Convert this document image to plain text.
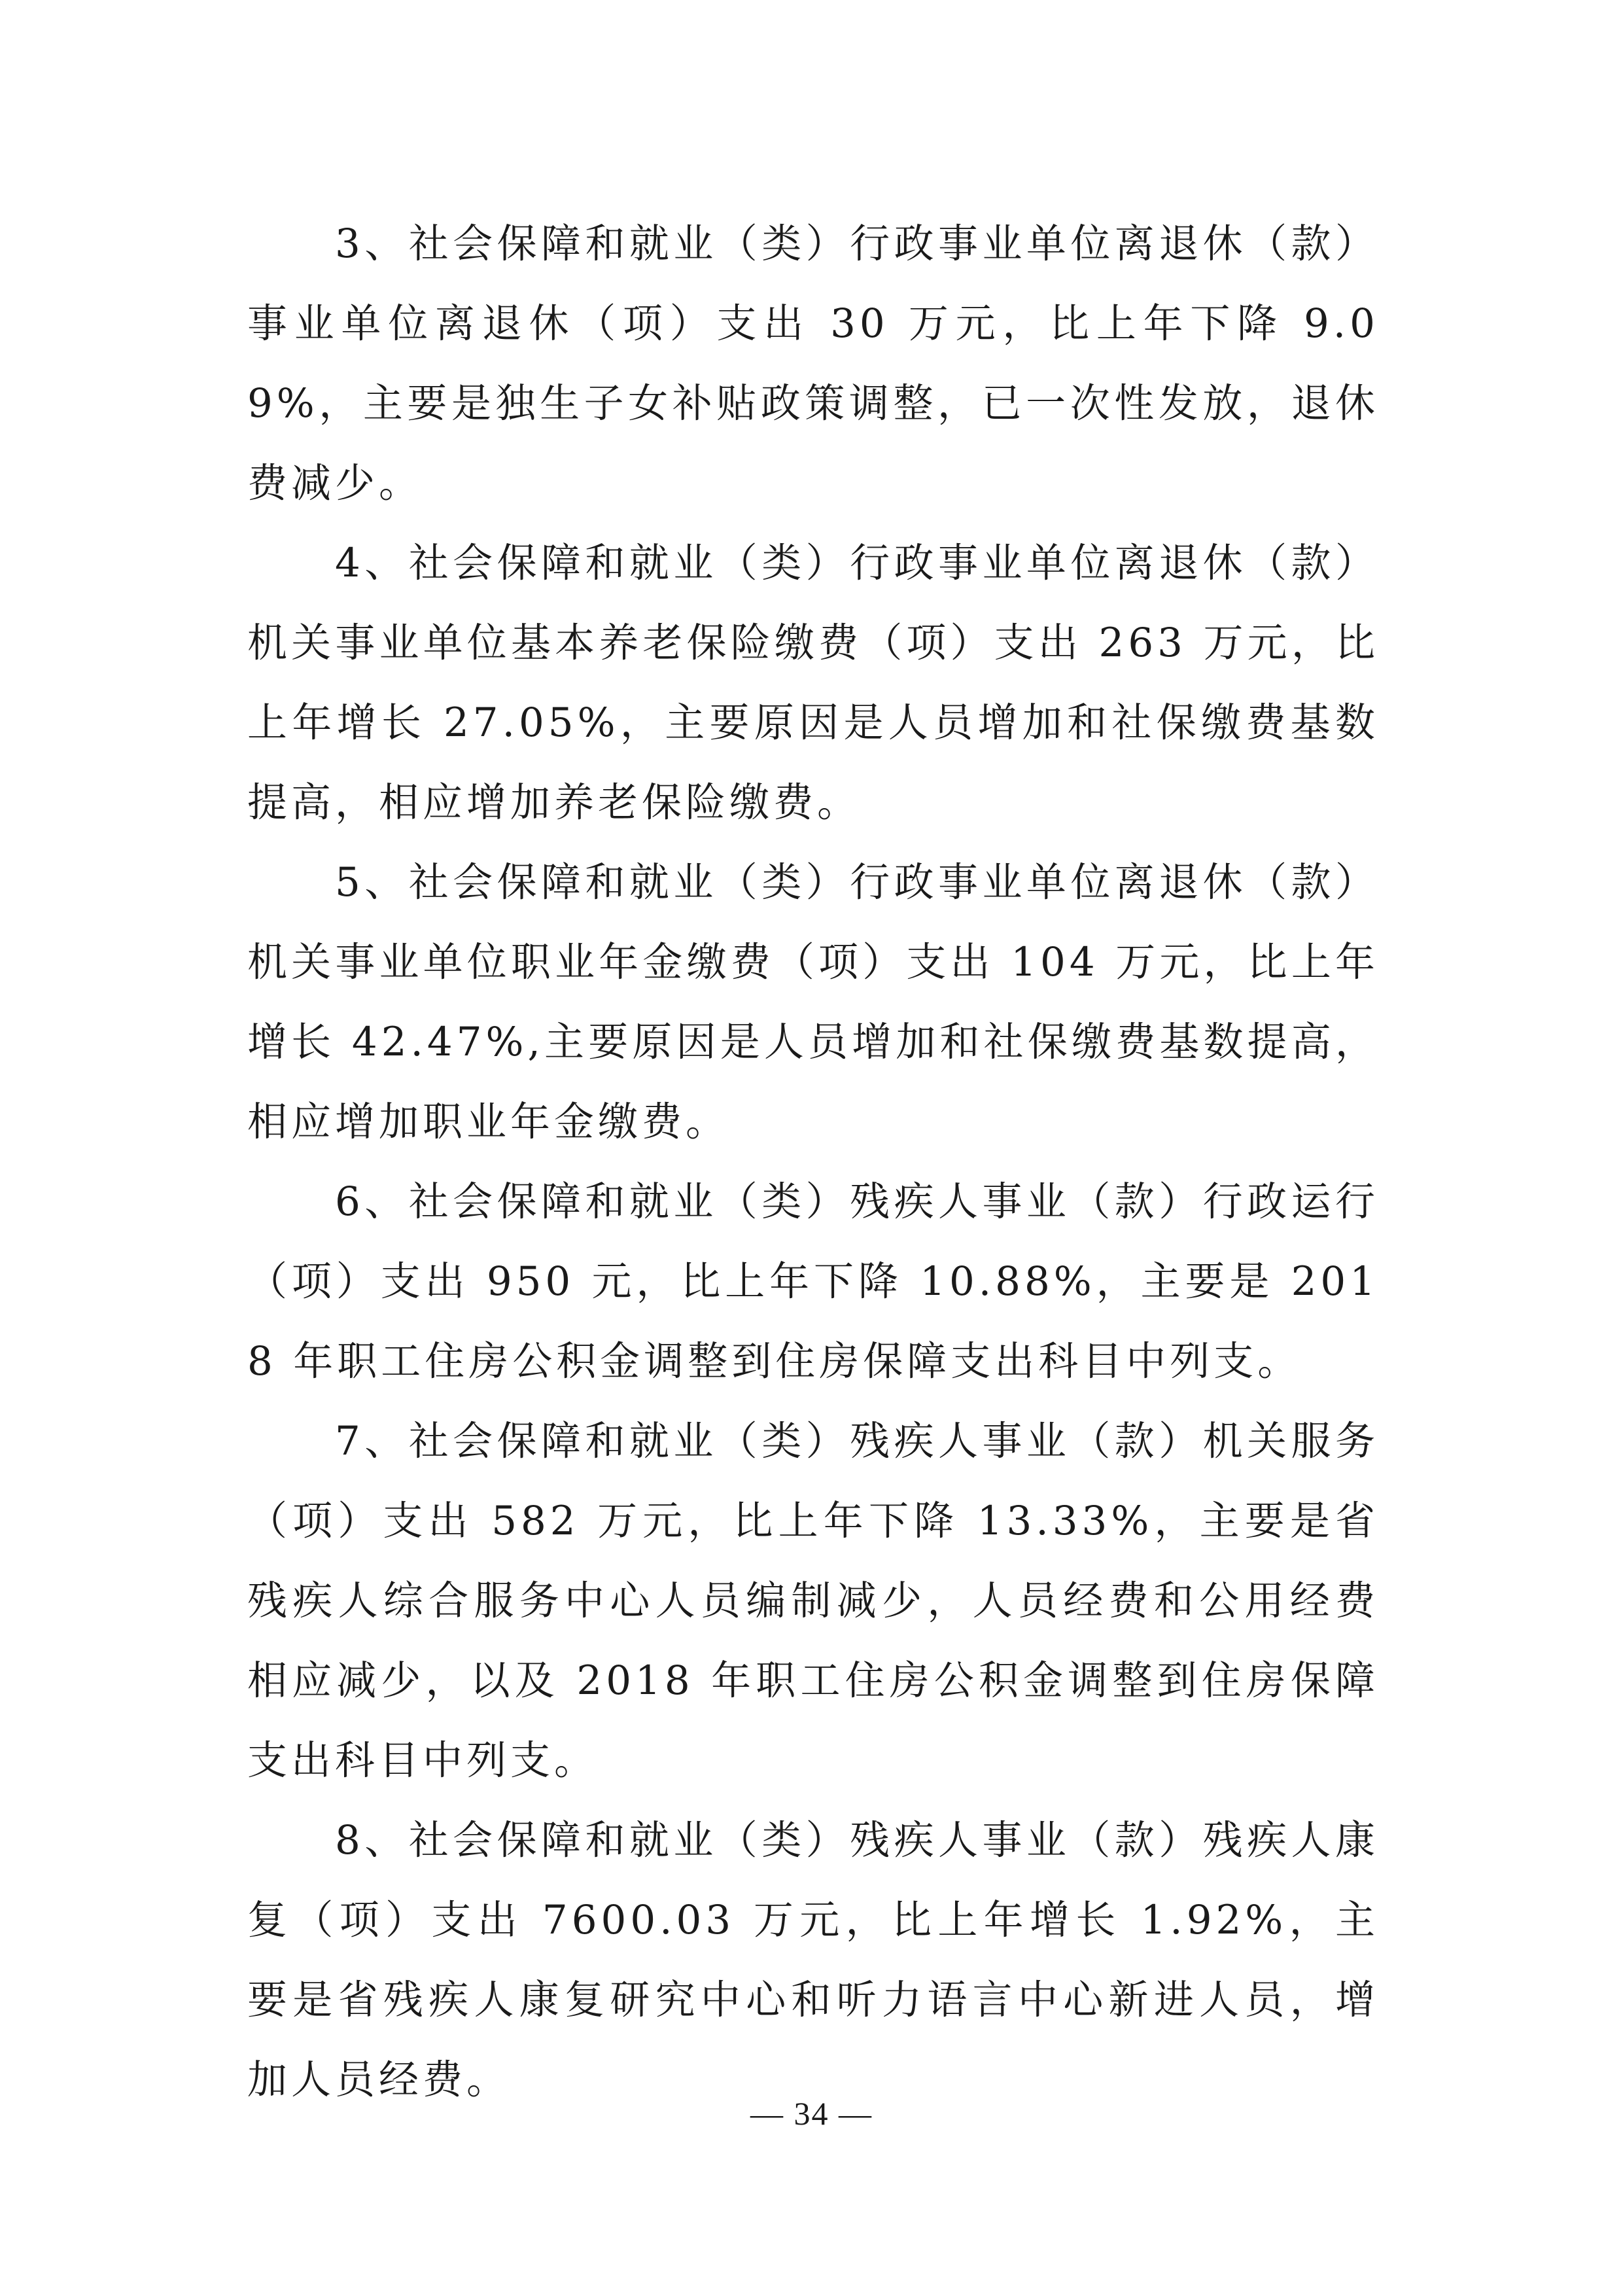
3、社会保障和就业（类）行政事业单位离退休（款）事业单位离退休（项）支出 30 万元，比上年下降 9.09%，主要是独生子女补贴政策调整，已一次性发放，退休费减少。

4、社会保障和就业（类）行政事业单位离退休（款）机关事业单位基本养老保险缴费（项）支出 263 万元，比上年增长 27.05%，主要原因是人员增加和社保缴费基数提高，相应增加养老保险缴费。

5、社会保障和就业（类）行政事业单位离退休（款）机关事业单位职业年金缴费（项）支出 104 万元，比上年增长 42.47%,主要原因是人员增加和社保缴费基数提高，相应增加职业年金缴费。

6、社会保障和就业（类）残疾人事业（款）行政运行（项）支出 950 元，比上年下降 10.88%，主要是 2018 年职工住房公积金调整到住房保障支出科目中列支。

7、社会保障和就业（类）残疾人事业（款）机关服务（项）支出 582 万元，比上年下降 13.33%，主要是省残疾人综合服务中心人员编制减少，人员经费和公用经费相应减少，以及 2018 年职工住房公积金调整到住房保障支出科目中列支。

8、社会保障和就业（类）残疾人事业（款）残疾人康复（项）支出 7600.03 万元，比上年增长 1.92%，主要是省残疾人康复研究中心和听力语言中心新进人员，增加人员经费。

— 34 —
